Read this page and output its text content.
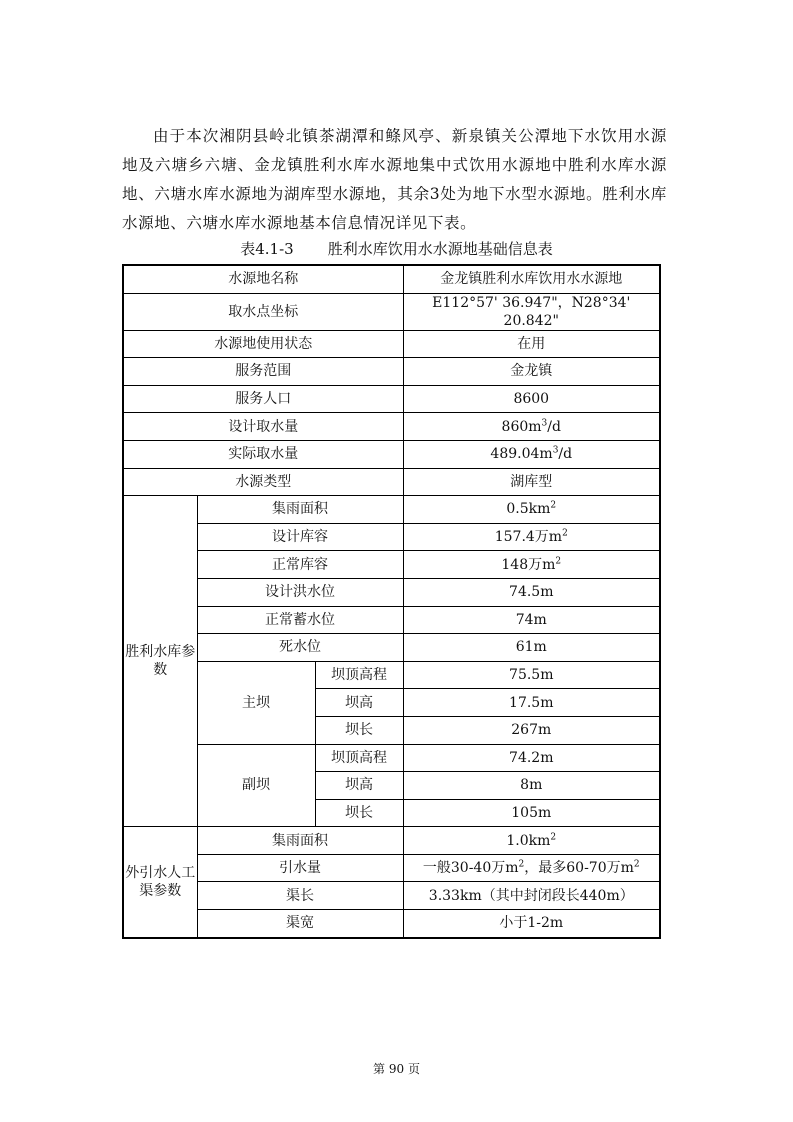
由于本次湘阴县岭北镇茶湖潭和鲦风亭、新泉镇关公潭地下水饮用水源地及六塘乡六塘、金龙镇胜利水库水源地集中式饮用水源地中胜利水库水源地、六塘水库水源地为湖库型水源地，其余3处为地下水型水源地。胜利水库水源地、六塘水库水源地基本信息情况详见下表。

表4.1-3 胜利水库饮用水水源地基础信息表
水源地名称			金龙镇胜利水库饮用水水源地
取水点坐标			E112°57' 36.947"，N28°34' 20.842"
水源地使用状态			在用
服务范围			金龙镇
服务人口			8600
设计取水量			$860m^3/d$
实际取水量			$489.04m^3/d$
水源类型			湖库型
胜利水库参数	集雨面积		$0.5km^2$
	设计库容		157.4万$m^2$
	正常库容		148万$m^2$
	设计洪水位		74.5m
	正常蓄水位		74m
	死水位		61m
	主坝	坝顶高程	75.5m
		坝高	17.5m
		坝长	267m
	副坝	坝顶高程	74.2m
		坝高	8m
		坝长	105m
外引水人工渠参数	集雨面积		$1.0km^2$
	引水量		一般30-40万$m^2$，最多60-70万$m^2$
	渠长		3.33km（其中封闭段长440m）
	渠宽		小于1-2m
第 90 页
